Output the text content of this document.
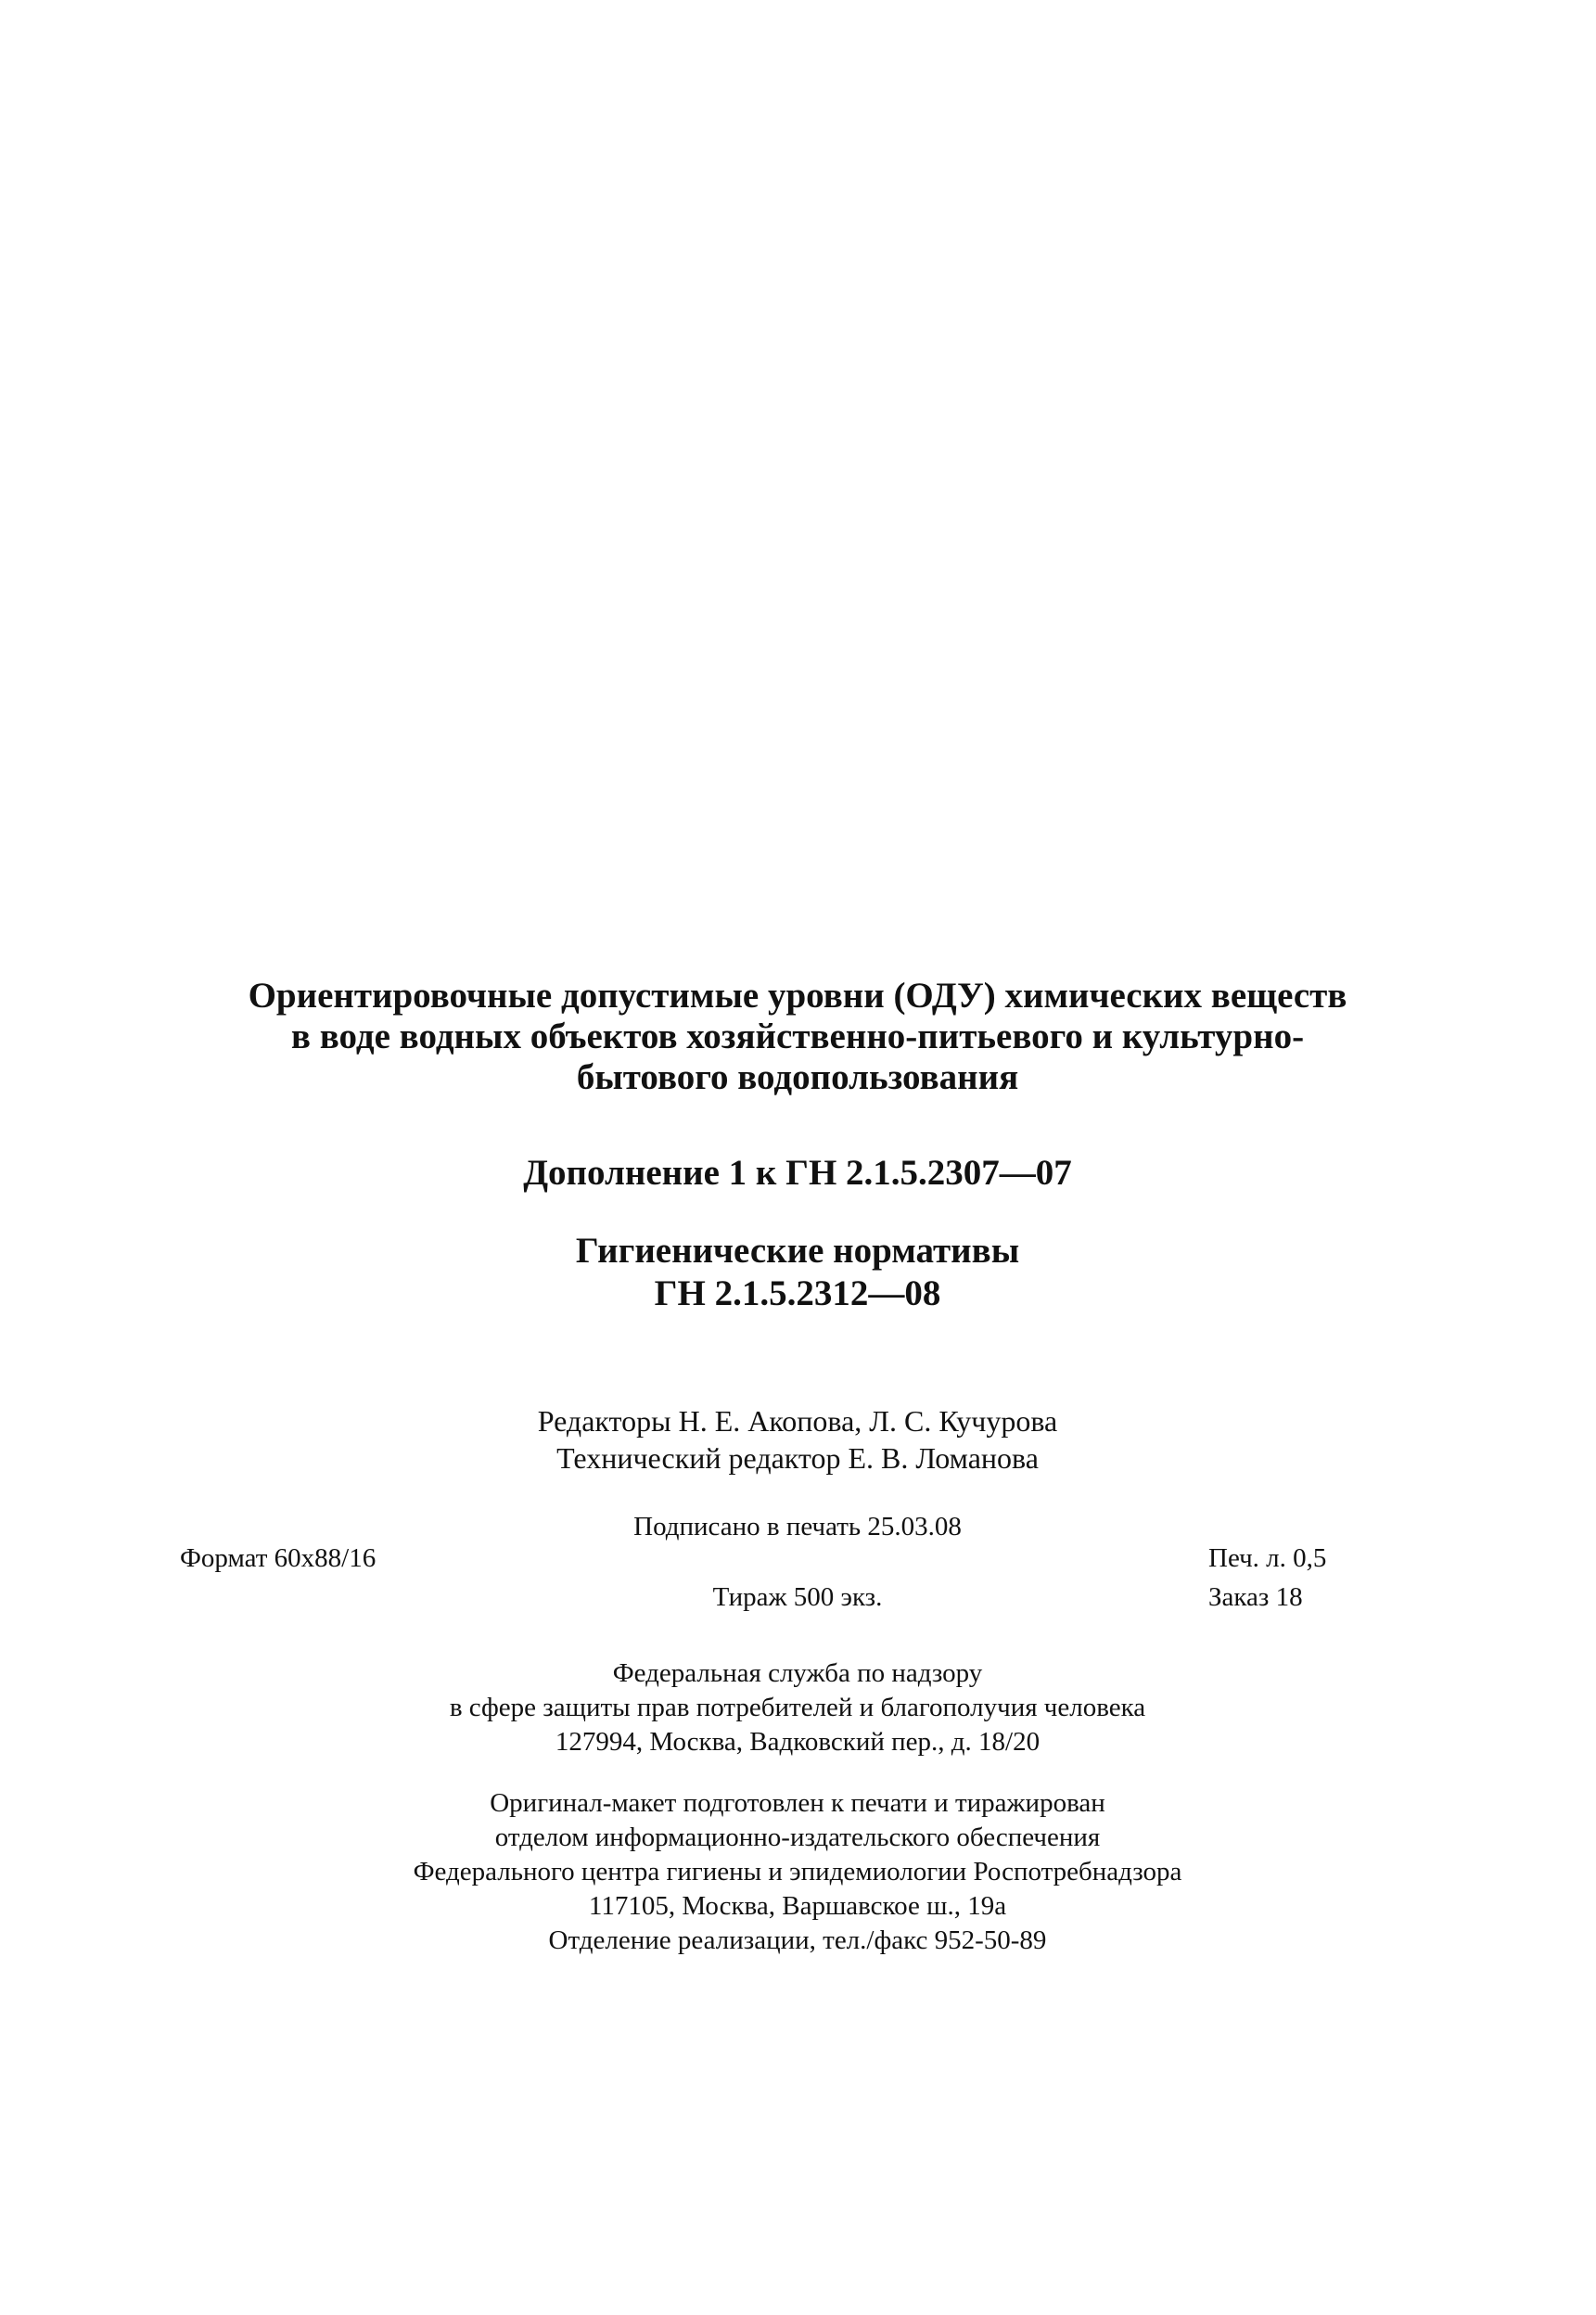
Ориентировочные допустимые уровни (ОДУ) химических веществ
в воде водных объектов хозяйственно-питьевого и культурно-
бытового водопользования
Дополнение 1 к ГН 2.1.5.2307—07
Гигиенические нормативы
ГН 2.1.5.2312—08
Редакторы Н. Е. Акопова, Л. С. Кучурова
Технический редактор Е. В. Ломанова
Подписано в печать 25.03.08
Формат 60x88/16	Печ. л. 0,5
Тираж 500 экз.	Заказ 18
Федеральная служба по надзору
в сфере защиты прав потребителей и благополучия человека
127994, Москва, Вадковский пер., д. 18/20
Оригинал-макет подготовлен к печати и тиражирован
отделом информационно-издательского обеспечения
Федерального центра гигиены и эпидемиологии Роспотребнадзора
117105, Москва, Варшавское ш., 19а
Отделение реализации, тел./факс 952-50-89
